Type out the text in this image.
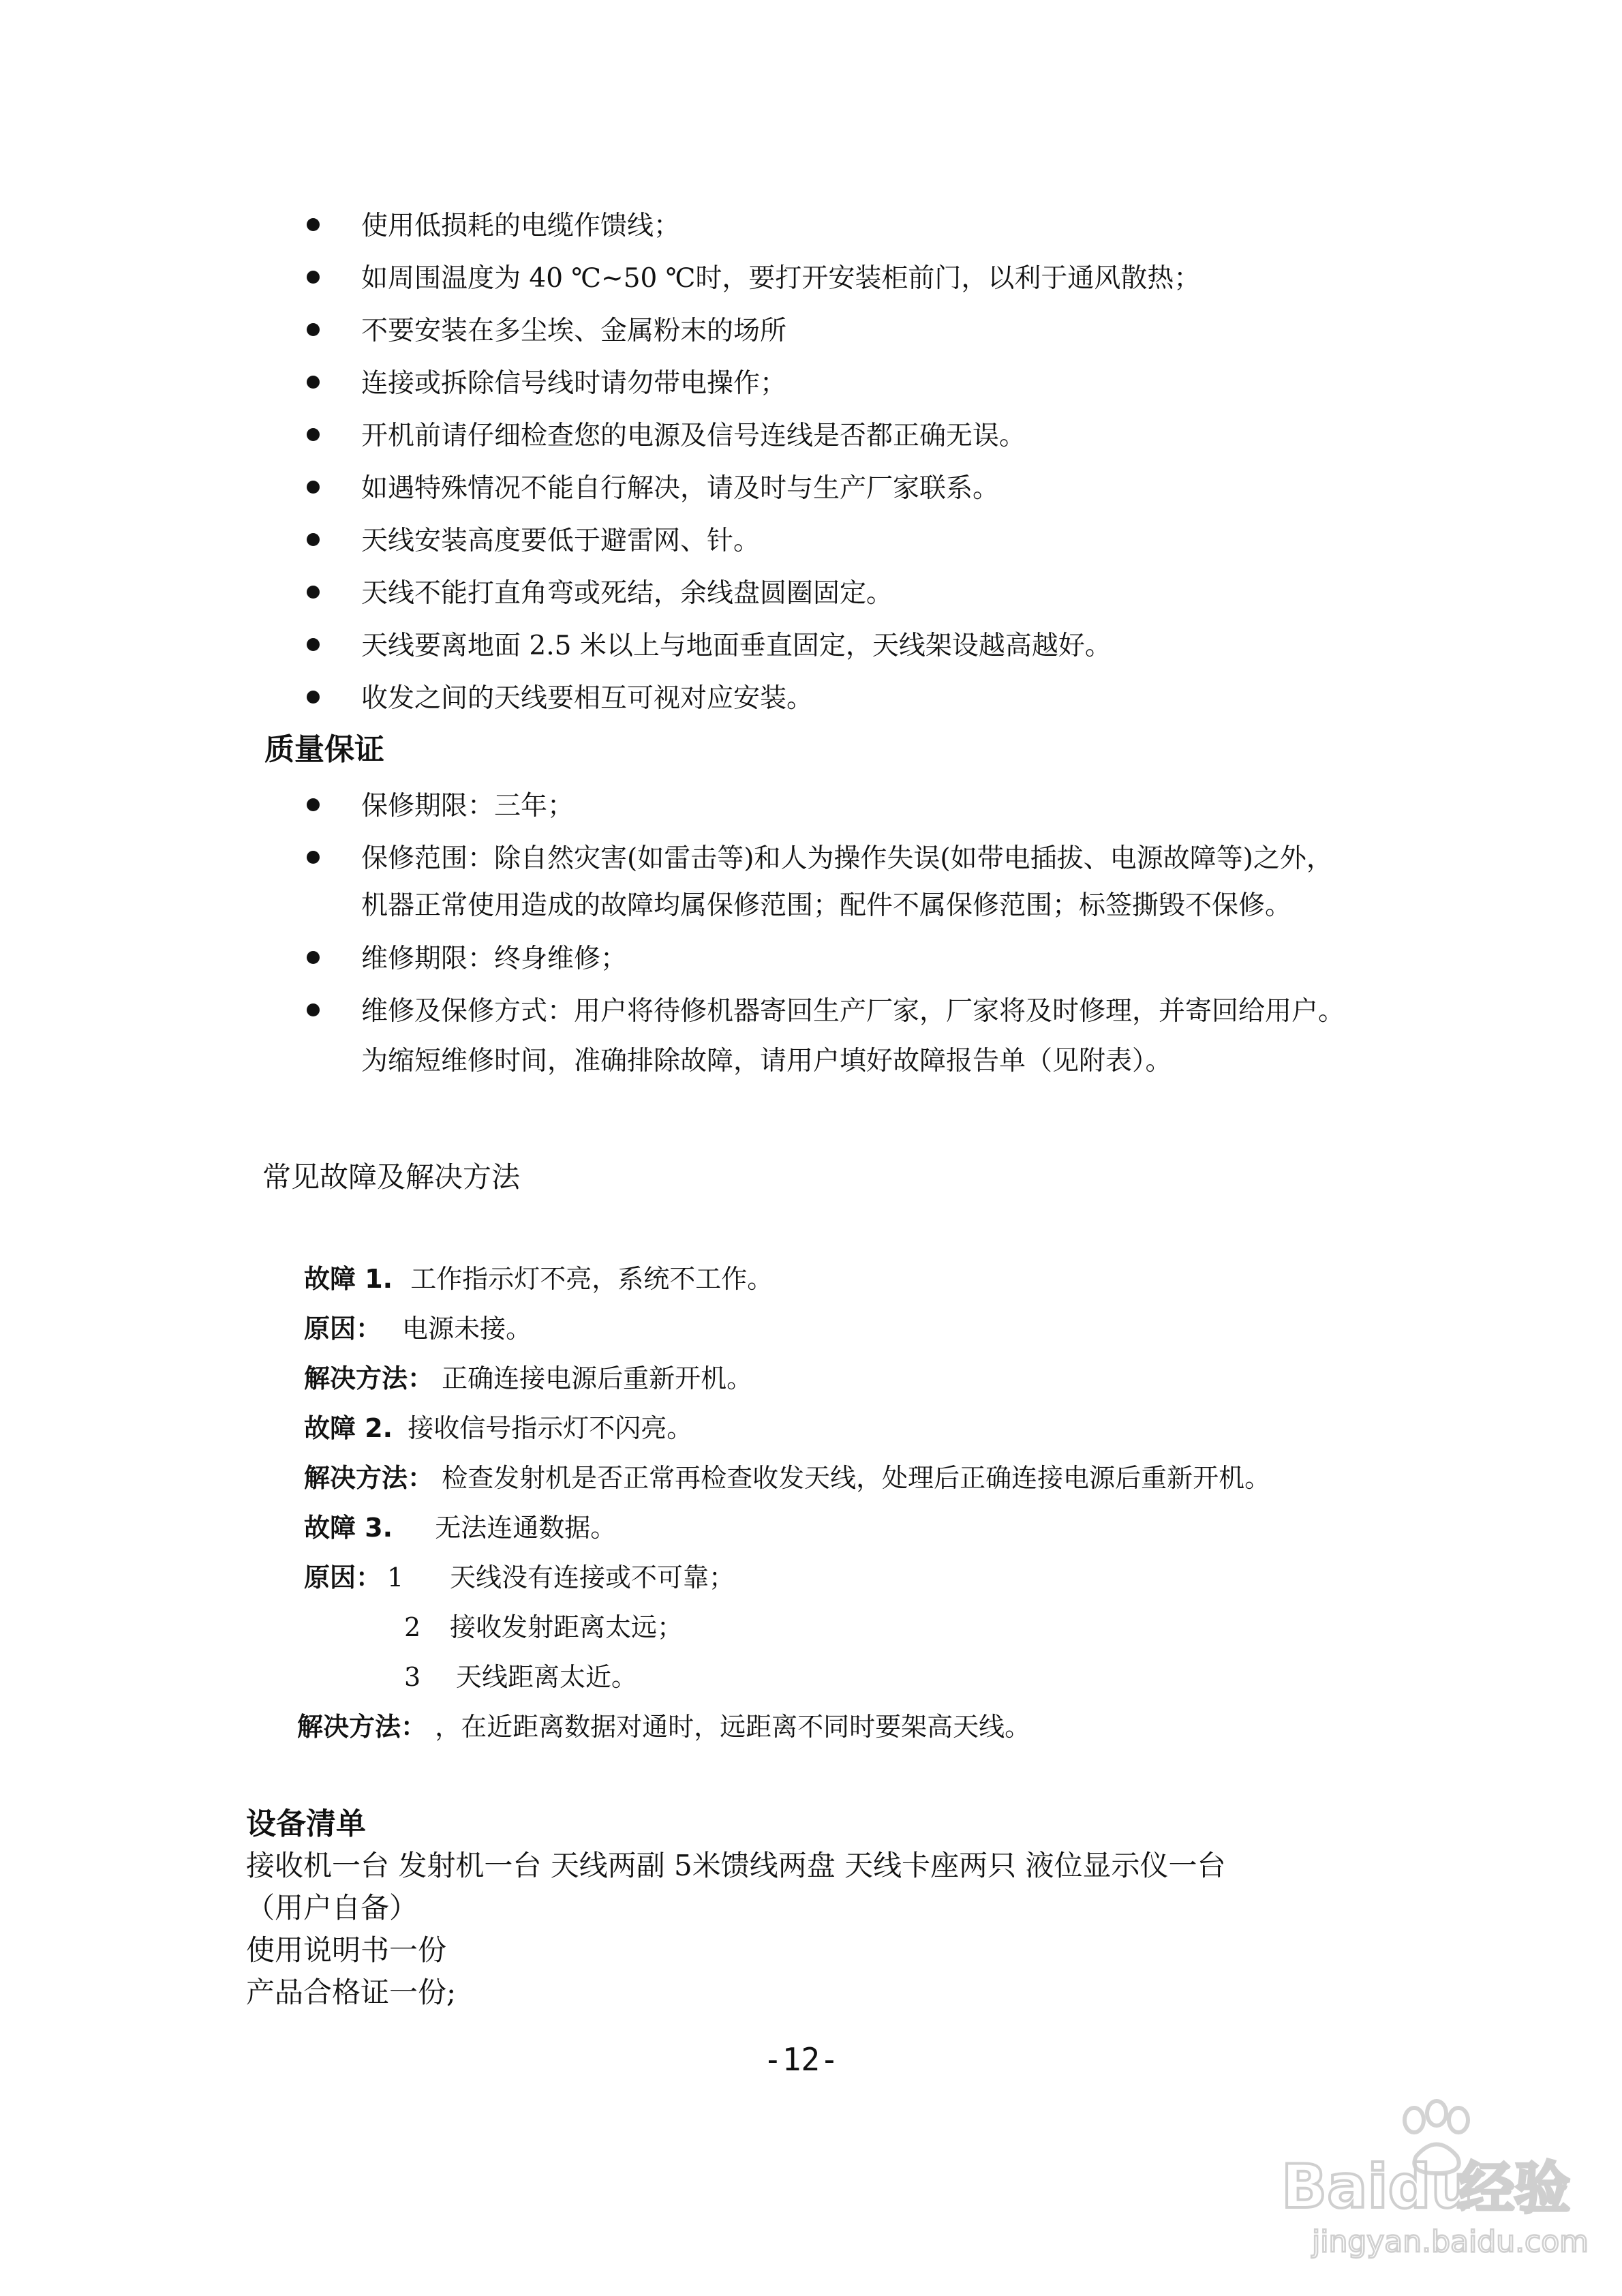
使用低损耗的电缆作馈线；
如周围温度为 40 ℃~50 ℃时，要打开安装柜前门，以利于通风散热；
不要安装在多尘埃、金属粉末的场所
连接或拆除信号线时请勿带电操作；
开机前请仔细检查您的电源及信号连线是否都正确无误。
如遇特殊情况不能自行解决，请及时与生产厂家联系。
天线安装高度要低于避雷网、针。
天线不能打直角弯或死结，余线盘圆圈固定。
天线要离地面 2.5 米以上与地面垂直固定，天线架设越高越好。
收发之间的天线要相互可视对应安装。
质量保证
保修期限：三年；
保修范围：除自然灾害(如雷击等)和人为操作失误(如带电插拔、电源故障等)之外，
机器正常使用造成的故障均属保修范围；配件不属保修范围；标签撕毁不保修。
维修期限：终身维修；
维修及保修方式：用户将待修机器寄回生产厂家，厂家将及时修理，并寄回给用户。
为缩短维修时间，准确排除故障，请用户填好故障报告单（见附表）。
常见故障及解决方法
故障 1. 工作指示灯不亮，系统不工作。
原因： 电源未接。
解决方法： 正确连接电源后重新开机。
故障 2. 接收信号指示灯不闪亮。
解决方法： 检查发射机是否正常再检查收发天线，处理后正确连接电源后重新开机。
故障 3. 无法连通数据。
原因： 1 天线没有连接或不可靠；
2 接收发射距离太远；
3 天线距离太近。
解决方法： ，在近距离数据对通时，远距离不同时要架高天线。
设备清单
接收机一台 发射机一台 天线两副 5米馈线两盘 天线卡座两只 液位显示仪一台
（用户自备）
使用说明书一份
产品合格证一份;
-12-
Baidu
经验
jingyan.baidu.com
